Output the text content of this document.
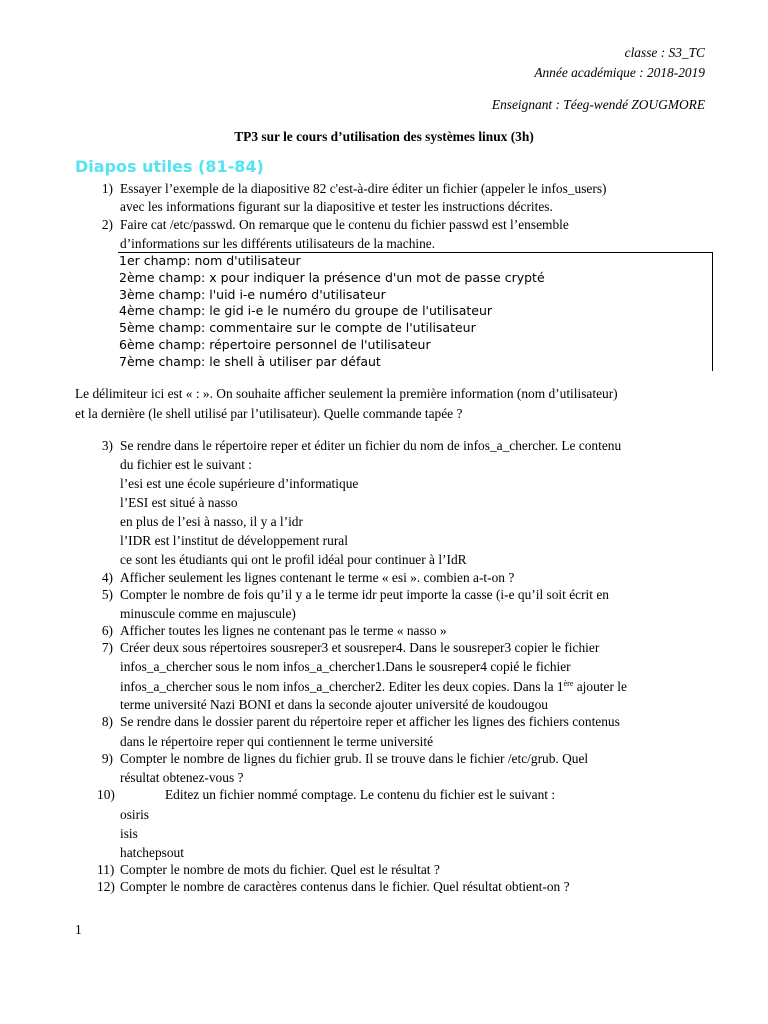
classe : S3_TC
Année académique : 2018-2019
Enseignant : Téeg-wendé ZOUGMORE
TP3 sur le cours d’utilisation des systèmes linux (3h)
Diapos utiles (81-84)
1) Essayer l’exemple de la diapositive 82 c'est-à-dire éditer un fichier (appeler le infos_users)
avec les informations figurant sur la diapositive et tester les instructions décrites.
2) Faire cat /etc/passwd. On remarque que le contenu du fichier passwd est l’ensemble
d’informations sur les différents utilisateurs de la machine.
1er champ: nom d'utilisateur
2ème champ: x pour indiquer la présence d'un mot de passe crypté
3ème champ: l'uid i-e numéro d'utilisateur
4ème champ: le gid i-e le numéro du groupe de l'utilisateur
5ème champ: commentaire sur le compte de l'utilisateur
6ème champ: répertoire personnel de l'utilisateur
7ème champ: le shell à utiliser par défaut
Le délimiteur ici est « : ». On souhaite afficher seulement la première information (nom d’utilisateur)
et la dernière (le shell utilisé par l’utilisateur). Quelle commande tapée ?
3) Se rendre dans le répertoire reper et éditer un fichier du nom de infos_a_chercher. Le contenu
du fichier est le suivant :
l’esi est une école supérieure d’informatique
l’ESI est situé à nasso
en plus de l’esi à nasso, il y a l’idr
l’IDR est l’institut de développement rural
ce sont les étudiants qui ont le profil idéal pour continuer à l’IdR
4) Afficher seulement les lignes contenant le terme « esi ». combien a-t-on ?
5) Compter le nombre de fois qu’il y a le terme idr peut importe la casse (i-e qu’il soit écrit en
minuscule comme en majuscule)
6) Afficher toutes les lignes ne contenant pas le terme « nasso »
7) Créer deux sous répertoires sousreper3 et sousreper4. Dans le sousreper3 copier le fichier
infos_a_chercher sous le nom infos_a_chercher1.Dans le sousreper4 copié le fichier
infos_a_chercher sous le nom infos_a_chercher2. Editer les deux copies. Dans la 1ère ajouter le
terme université Nazi BONI et dans la seconde ajouter université de koudougou
8) Se rendre dans le dossier parent du répertoire reper et afficher les lignes des fichiers contenus
dans le répertoire reper qui contiennent le terme université
9) Compter le nombre de lignes du fichier grub. Il se trouve dans le fichier /etc/grub. Quel
résultat obtenez-vous ?
10)	Editez un fichier nommé comptage. Le contenu du fichier est le suivant :
osiris
isis
hatchepsout
11) Compter le nombre de mots du fichier. Quel est le résultat ?
12) Compter le nombre de caractères contenus dans le fichier. Quel résultat obtient-on ?
1
